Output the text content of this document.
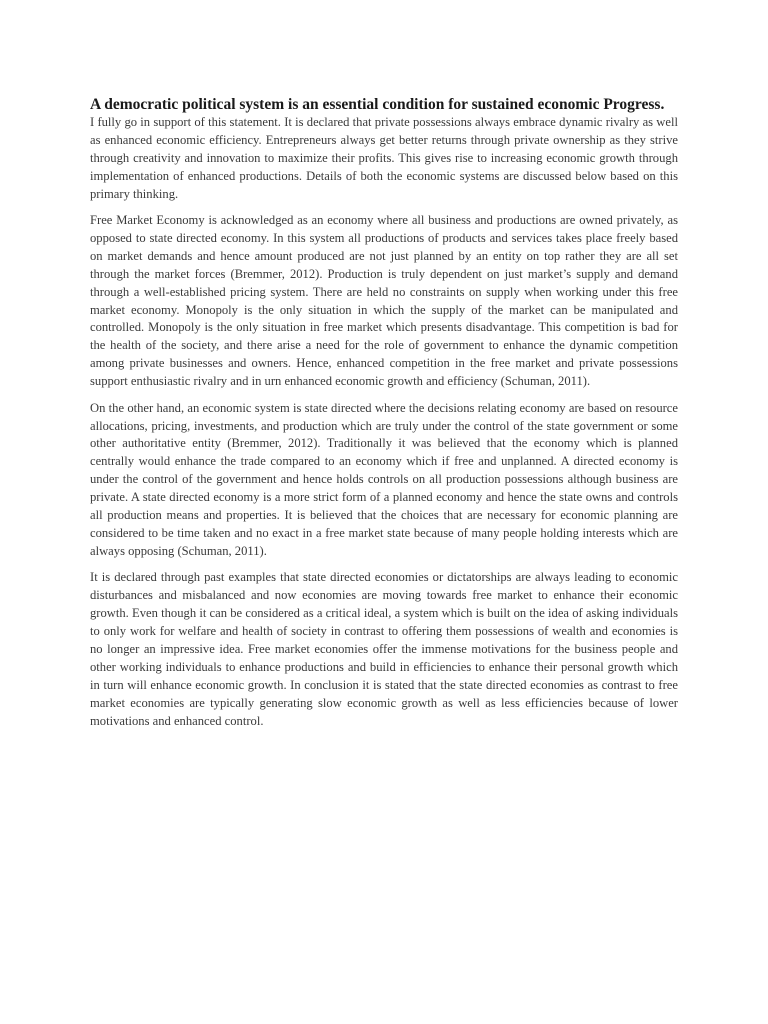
A democratic political system is an essential condition for sustained economic Progress.

I fully go in support of this statement. It is declared that private possessions always embrace dynamic rivalry as well as enhanced economic efficiency. Entrepreneurs always get better returns through private ownership as they strive through creativity and innovation to maximize their profits. This gives rise to increasing economic growth through implementation of enhanced productions. Details of both the economic systems are discussed below based on this primary thinking.

Free Market Economy is acknowledged as an economy where all business and productions are owned privately, as opposed to state directed economy. In this system all productions of products and services takes place freely based on market demands and hence amount produced are not just planned by an entity on top rather they are all set through the market forces (Bremmer, 2012). Production is truly dependent on just market’s supply and demand through a well-established pricing system. There are held no constraints on supply when working under this free market economy. Monopoly is the only situation in which the supply of the market can be manipulated and controlled. Monopoly is the only situation in free market which presents disadvantage. This competition is bad for the health of the society, and there arise a need for the role of government to enhance the dynamic competition among private businesses and owners. Hence, enhanced competition in the free market and private possessions support enthusiastic rivalry and in urn enhanced economic growth and efficiency (Schuman, 2011).

On the other hand, an economic system is state directed where the decisions relating economy are based on resource allocations, pricing, investments, and production which are truly under the control of the state government or some other authoritative entity (Bremmer, 2012). Traditionally it was believed that the economy which is planned centrally would enhance the trade compared to an economy which if free and unplanned. A directed economy is under the control of the government and hence holds controls on all production possessions although business are private. A state directed economy is a more strict form of a planned economy and hence the state owns and controls all production means and properties. It is believed that the choices that are necessary for economic planning are considered to be time taken and no exact in a free market state because of many people holding interests which are always opposing (Schuman, 2011).

It is declared through past examples that state directed economies or dictatorships are always leading to economic disturbances and misbalanced and now economies are moving towards free market to enhance their economic growth. Even though it can be considered as a critical ideal, a system which is built on the idea of asking individuals to only work for welfare and health of society in contrast to offering them possessions of wealth and economies is no longer an impressive idea. Free market economies offer the immense motivations for the business people and other working individuals to enhance productions and build in efficiencies to enhance their personal growth which in turn will enhance economic growth. In conclusion it is stated that the state directed economies as contrast to free market economies are typically generating slow economic growth as well as less efficiencies because of lower motivations and enhanced control.
